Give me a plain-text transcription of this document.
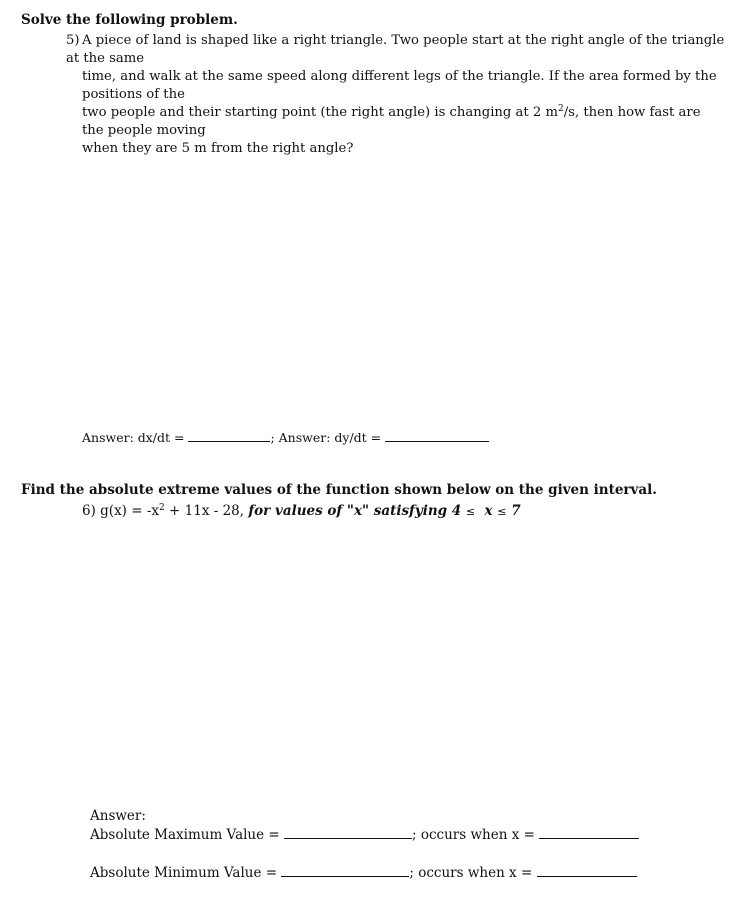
Solve the following problem.
5) A piece of land is shaped like a right triangle. Two people start at the right angle of the triangle at the same
time, and walk at the same speed along different legs of the triangle. If the area formed by the positions of the
two people and their starting point (the right angle) is changing at 2 $m^2/s$, then how fast are the people moving
when they are 5 m from the right angle?
Answer: dx/dt =	; Answer: dy/dt =
Find the absolute extreme values of the function shown below on the given interval.
6) $g(x) = -x^2 + 11x - 28$, for values of "x" satisfying 4 ≤ x ≤ 7
Answer:
Absolute Maximum Value =	; occurs when x =
Absolute Minimum Value =	; occurs when x =
